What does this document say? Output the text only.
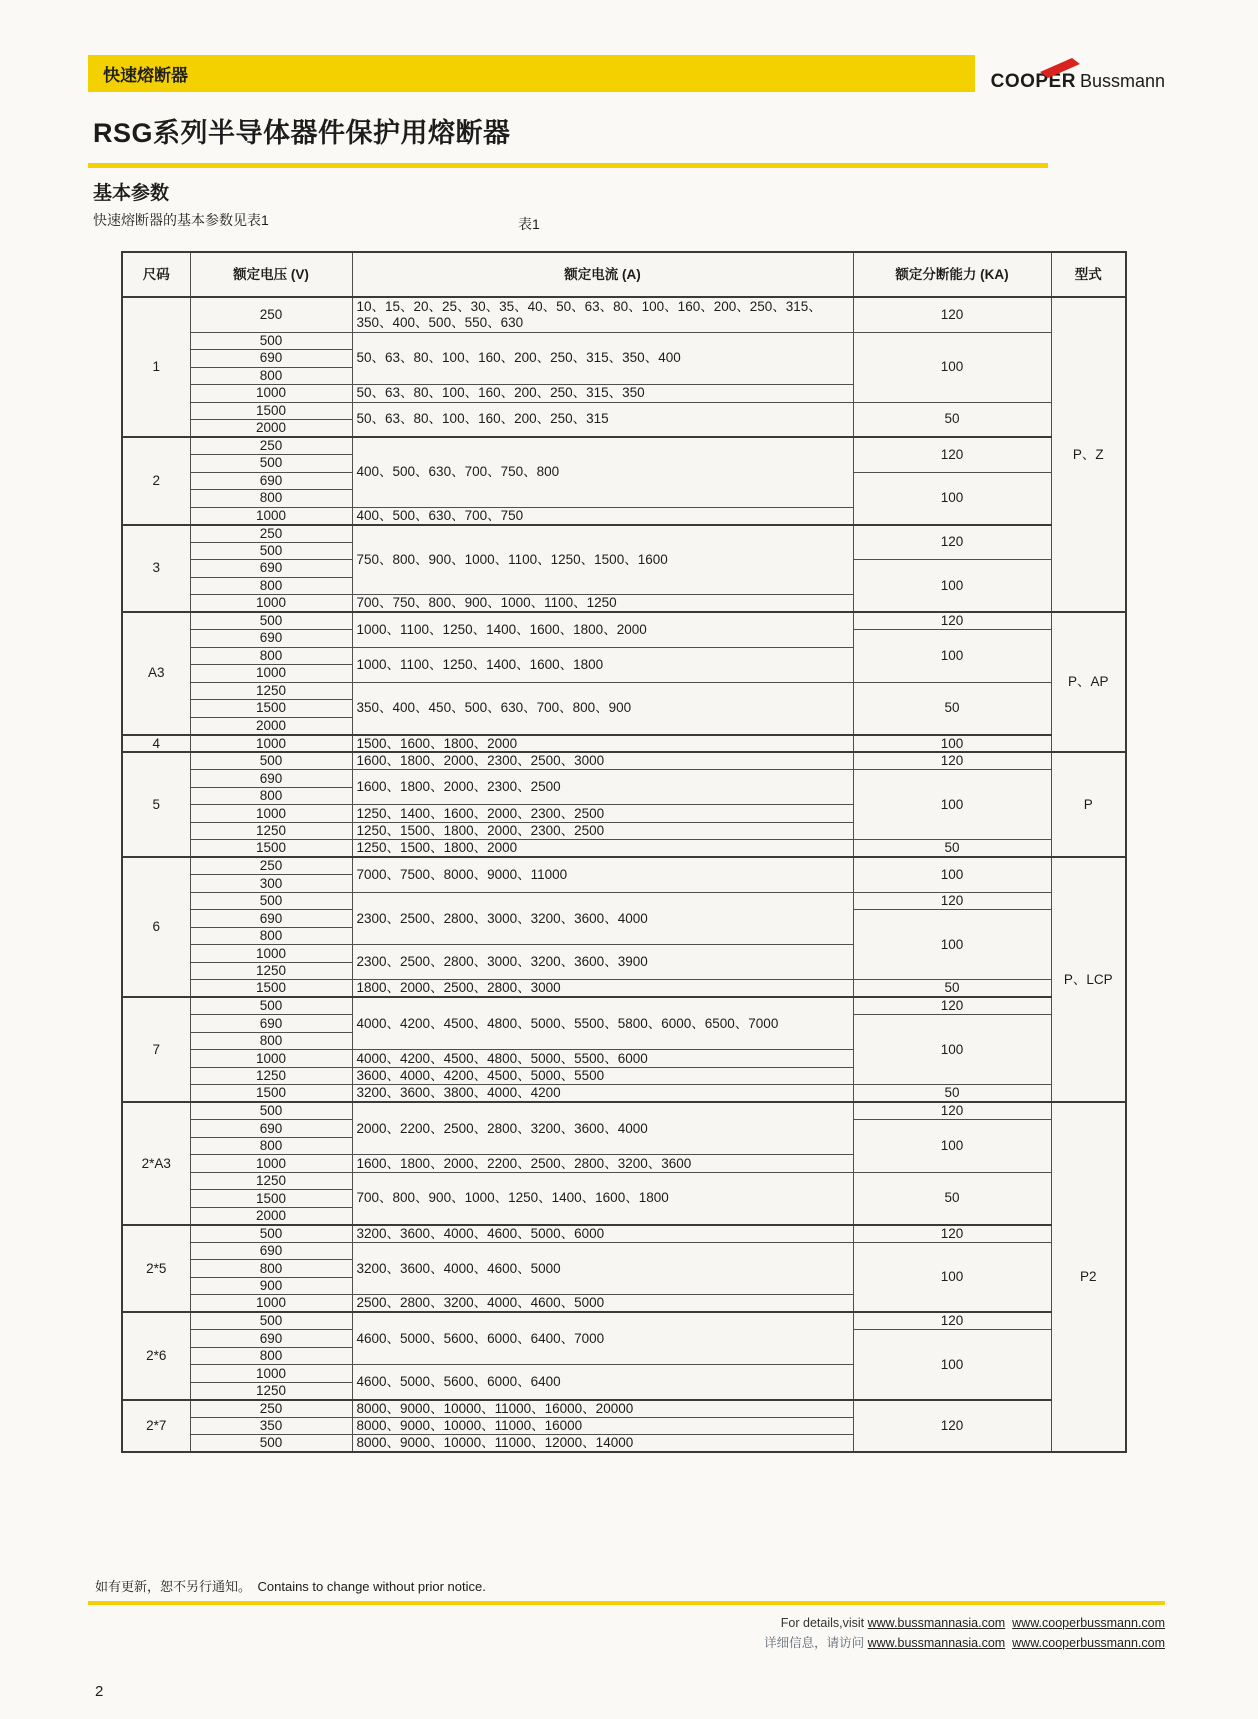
快速熔断器	COOPER Bussmann
RSG系列半导体器件保护用熔断器
基本参数
快速熔断器的基本参数见表1	表1
尺码	额定电压 (V)	额定电流 (A)	额定分断能力 (KA)	型式
1	250	10、15、20、25、30、35、40、50、63、80、100、160、200、250、315、350、400、500、550、630	120	P、Z
	500	50、63、80、100、160、200、250、315、350、400	100	
	690			
	800			
	1000	50、63、80、100、160、200、250、315、350		
	1500	50、63、80、100、160、200、250、315	50	
	2000			
2	250	400、500、630、700、750、800	120	
	500			
	690		100	
	800			
	1000	400、500、630、700、750		
3	250	750、800、900、1000、1100、1250、1500、1600	120	
	500			
	690		100	
	800			
	1000	700、750、800、900、1000、1100、1250		
A3	500	1000、1100、1250、1400、1600、1800、2000	120	P、AP
	690		100	
	800	1000、1100、1250、1400、1600、1800		
	1000			
	1250	350、400、450、500、630、700、800、900	50	
	1500			
	2000			
4	1000	1500、1600、1800、2000	100	
5	500	1600、1800、2000、2300、2500、3000	120	P
	690	1600、1800、2000、2300、2500	100	
	800			
	1000	1250、1400、1600、2000、2300、2500		
	1250	1250、1500、1800、2000、2300、2500		
	1500	1250、1500、1800、2000	50	
6	250	7000、7500、8000、9000、11000	100	P、LCP
	300			
	500	2300、2500、2800、3000、3200、3600、4000	120	
	690		100	
	800			
	1000	2300、2500、2800、3000、3200、3600、3900		
	1250			
	1500	1800、2000、2500、2800、3000	50	
7	500	4000、4200、4500、4800、5000、5500、5800、6000、6500、7000	120	
	690		100	
	800			
	1000	4000、4200、4500、4800、5000、5500、6000		
	1250	3600、4000、4200、4500、5000、5500		
	1500	3200、3600、3800、4000、4200	50	
2*A3	500	2000、2200、2500、2800、3200、3600、4000	120	P2
	690		100	
	800			
	1000	1600、1800、2000、2200、2500、2800、3200、3600		
	1250	700、800、900、1000、1250、1400、1600、1800	50	
	1500			
	2000			
2*5	500	3200、3600、4000、4600、5000、6000	120	
	690	3200、3600、4000、4600、5000	100	
	800			
	900			
	1000	2500、2800、3200、4000、4600、5000		
2*6	500	4600、5000、5600、6000、6400、7000	120	
	690		100	
	800			
	1000	4600、5000、5600、6000、6400		
	1250			
2*7	250	8000、9000、10000、11000、16000、20000	120	
	350	8000、9000、10000、11000、16000		
	500	8000、9000、10000、11000、12000、14000		
如有更新，恕不另行通知。　Contains to change without prior notice.
For details,visit www.bussmannasia.com www.cooperbussmann.com
详细信息，请访问 www.bussmannasia.com www.cooperbussmann.com
2
